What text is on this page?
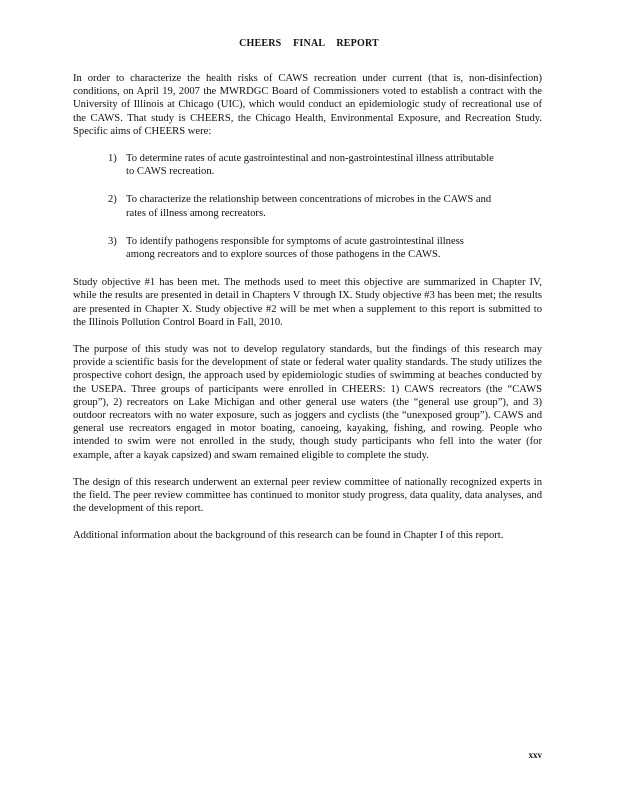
CHEERS FINAL REPORT

In order to characterize the health risks of CAWS recreation under current (that is, non-disinfection) conditions, on April 19, 2007 the MWRDGC Board of Commissioners voted to establish a contract with the University of Illinois at Chicago (UIC), which would conduct an epidemiologic study of recreational use of the CAWS. That study is CHEERS, the Chicago Health, Environmental Exposure, and Recreation Study. Specific aims of CHEERS were:

1) To determine rates of acute gastrointestinal and non-gastrointestinal illness attributable
to CAWS recreation.
2) To characterize the relationship between concentrations of microbes in the CAWS and
rates of illness among recreators.
3) To identify pathogens responsible for symptoms of acute gastrointestinal illness
among recreators and to explore sources of those pathogens in the CAWS.

Study objective #1 has been met. The methods used to meet this objective are summarized in Chapter IV, while the results are presented in detail in Chapters V through IX. Study objective #3 has been met; the results are presented in Chapter X. Study objective #2 will be met when a supplement to this report is submitted to the Illinois Pollution Control Board in Fall, 2010.

The purpose of this study was not to develop regulatory standards, but the findings of this research may provide a scientific basis for the development of state or federal water quality standards. The study utilizes the prospective cohort design, the approach used by epidemiologic studies of swimming at beaches conducted by the USEPA. Three groups of participants were enrolled in CHEERS: 1) CAWS recreators (the “CAWS group”), 2) recreators on Lake Michigan and other general use waters (the “general use group”), and 3) outdoor recreators with no water exposure, such as joggers and cyclists (the “unexposed group”). CAWS and general use recreators engaged in motor boating, canoeing, kayaking, fishing, and rowing. People who intended to swim were not enrolled in the study, though study participants who fell into the water (for example, after a kayak capsized) and swam remained eligible to complete the study.

The design of this research underwent an external peer review committee of nationally recognized experts in the field. The peer review committee has continued to monitor study progress, data quality, data analyses, and the development of this report.

Additional information about the background of this research can be found in Chapter I of this report.

xxv
